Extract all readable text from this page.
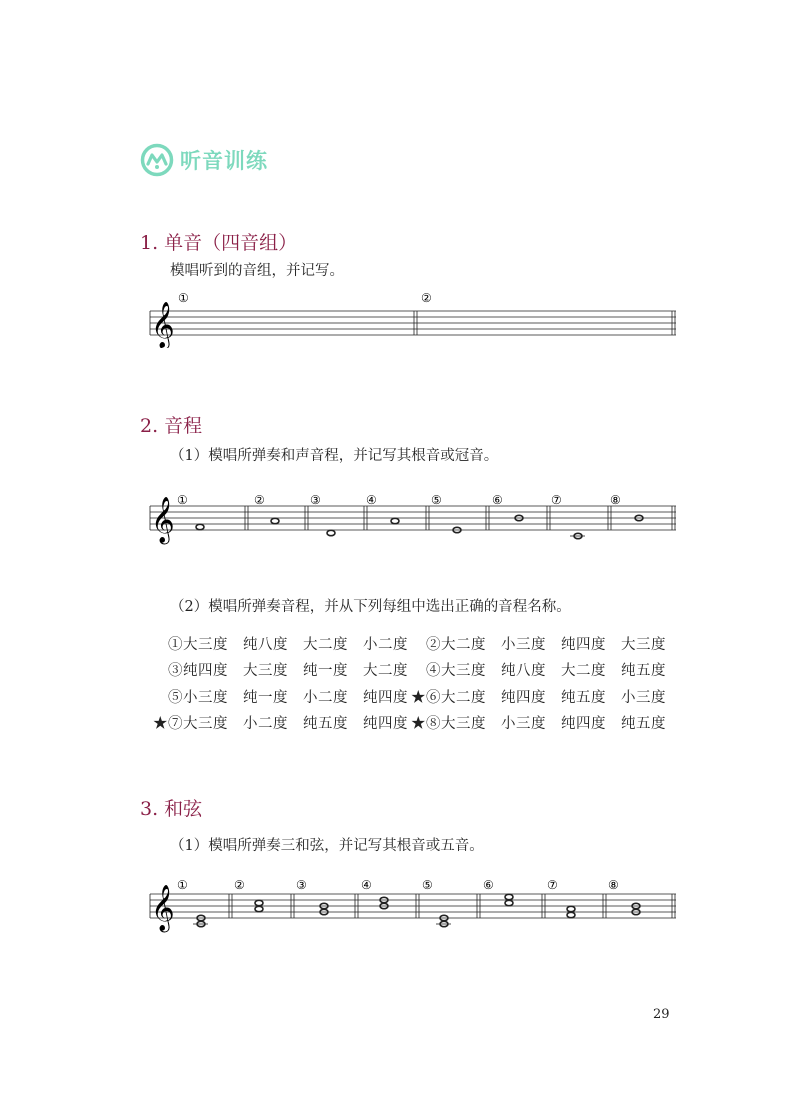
听音训练
1. 单音（四音组）
模唱听到的音组，并记写。
𝄞
①	②
2. 音程
（1）模唱所弹奏和声音程，并记写其根音或冠音。
𝄞 ①	②	③	④	⑤	⑥	⑦	⑧
（2）模唱所弹奏音程，并从下列每组中选出正确的音程名称。
①大三度　纯八度　大二度　小二度 ②大二度　小三度　纯四度　大三度
③纯四度　大三度　纯一度　大二度 ④大三度　纯八度　大二度　纯五度
⑤小三度　纯一度　小二度　纯四度 ★⑥大二度　纯四度　纯五度　小三度
★⑦大三度　小二度　纯五度　纯四度 ★⑧大三度　小三度　纯四度　纯五度
3. 和弦
（1）模唱所弹奏三和弦，并记写其根音或五音。
𝄞 ①	②	③	④	⑤	⑥	⑦	⑧
29
